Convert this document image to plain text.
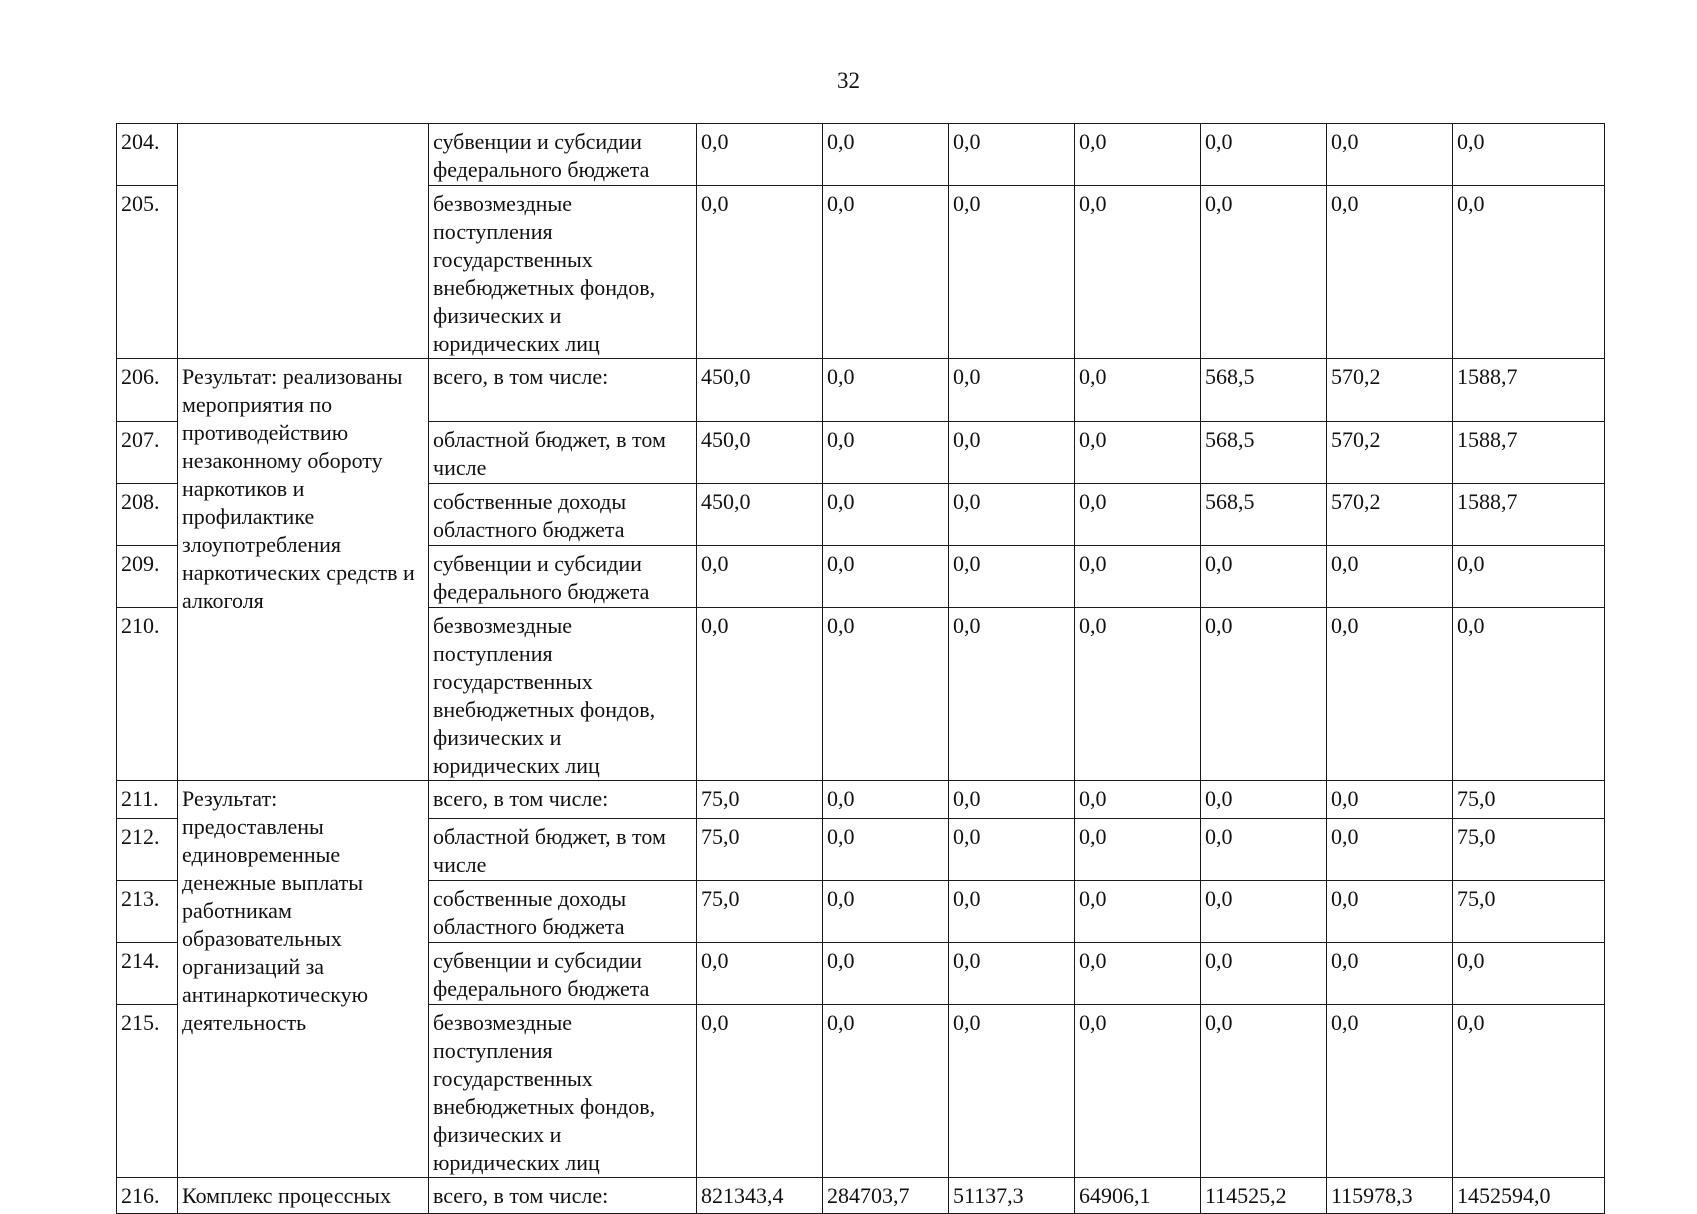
32
204.		субвенции и субсидии федерального бюджета	0,0	0,0	0,0	0,0	0,0	0,0	0,0
205.		безвозмездные поступления государственных внебюджетных фондов, физических и юридических лиц	0,0	0,0	0,0	0,0	0,0	0,0	0,0
206.	Результат: реализованы мероприятия по противодействию незаконному обороту наркотиков и профилактике злоупотребления наркотических средств и алкоголя	всего, в том числе:	450,0	0,0	0,0	0,0	568,5	570,2	1588,7
207.		областной бюджет, в том числе	450,0	0,0	0,0	0,0	568,5	570,2	1588,7
208.		собственные доходы областного бюджета	450,0	0,0	0,0	0,0	568,5	570,2	1588,7
209.		субвенции и субсидии федерального бюджета	0,0	0,0	0,0	0,0	0,0	0,0	0,0
210.		безвозмездные поступления государственных внебюджетных фондов, физических и юридических лиц	0,0	0,0	0,0	0,0	0,0	0,0	0,0
211.	Результат: предоставлены единовременные денежные выплаты работникам образовательных организаций за антинаркотическую деятельность	всего, в том числе:	75,0	0,0	0,0	0,0	0,0	0,0	75,0
212.		областной бюджет, в том числе	75,0	0,0	0,0	0,0	0,0	0,0	75,0
213.		собственные доходы областного бюджета	75,0	0,0	0,0	0,0	0,0	0,0	75,0
214.		субвенции и субсидии федерального бюджета	0,0	0,0	0,0	0,0	0,0	0,0	0,0
215.		безвозмездные поступления государственных внебюджетных фондов, физических и юридических лиц	0,0	0,0	0,0	0,0	0,0	0,0	0,0
216.	Комплекс процессных	всего, в том числе:	821343,4	284703,7	51137,3	64906,1	114525,2	115978,3	1452594,0
